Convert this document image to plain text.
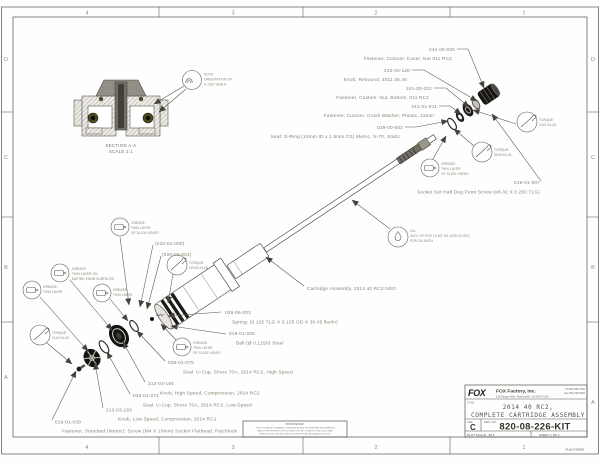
4	3	2	1
4	3	2	1
D
C
B
A
D
C
B
A
SECTION A-A
SCALE 2:1
NOTE:
ORIENTATION OF
U-CUP SEALS
241-00-026
Fastener, Custom: Cover, Nut 011 RC2
210-03-120
Knob, Rebound, 2011 36.40
241-00-022
Fastener, Custom: Nut, Bottom, 011 RC2
241-01-011
Fastener, Custom: Crush Washer, Plastic, 12mm
029-00-053
Seal: O-Ring (15mm ID x 1.5mm CS) Metric, N-70, Static
019-01-007
Socket Set Half Dog Point Screw (#8-32 X 0.250 TLG)
039-06-003
Spring: (0.125 TLG X 0.125 OD X 36.45 lbs/in)
018-01-000
Ball (Ø 0.1250) Steel
036-01-075
Seal: U-Cup, Shore 70A, 2014 RC2, High Speed
213-03-194
Knob, High Speed, Compression, 2014 RC2
036-01-074
Seal: U-Cup, Shore 70A, 2014 RC2, Low-Speed
213-03-193
Knob, Low Speed, Compression, 2014 RC2
019-01-030
Fastener, Standard (Metric): Screw (M4 X 10mm) Socket Flathead, Patchlock
Cartridge Assembly, 2014 40 RC2 NSO
(010-01-000)
(020-03-003)
TORQUE:
11±2 IN-LB.
TORQUE:
50±5 IN-LB.
TORQUE:
220±5 IN-LB
TORQUE:
11±2 IN-LB.
GREASE:
THIN LAYER
OF SLICK HONEY
GREASE:
THIN LAYER ON
MATING KNOB SURFACES
GREASE:
THIN LAYER	GREASE:
THIN LAYER
GREASE:
THIN LAYER
OF SLICK HONEY
GREASE:
THIN LAYER
OF SLICK HONEY
OIL:
30CC OF FOX 10 WT OIL (025-03-007)
FOR OIL BATH
PROPRIETARY
THIS DOCUMENT CONTAINS CONFIDENTIAL AND PROPRIETARY INFORMATION
THAT IS THE PROPERTY OF FOX FACTORY INC. IT MAY NOT BE DISCLOSED,
REPRODUCED OR USED WITHOUT WRITTEN AUTHORIZATION OF FOX.
FOX FOX Factory, Inc.
130 Hangar Way, Watsonville, CA 95076 USA
Ph 800.369.7469
Fax 831.768.9342
TITLE
2014 40 RC2,
COMPLETE CARTRIDGE ASSEMBLY
SIZE
C
DWG. NO. 820-08-226-KIT
PLOT SCALE: .50:1	SHEET 1 OF 1
ProE ASSEM
